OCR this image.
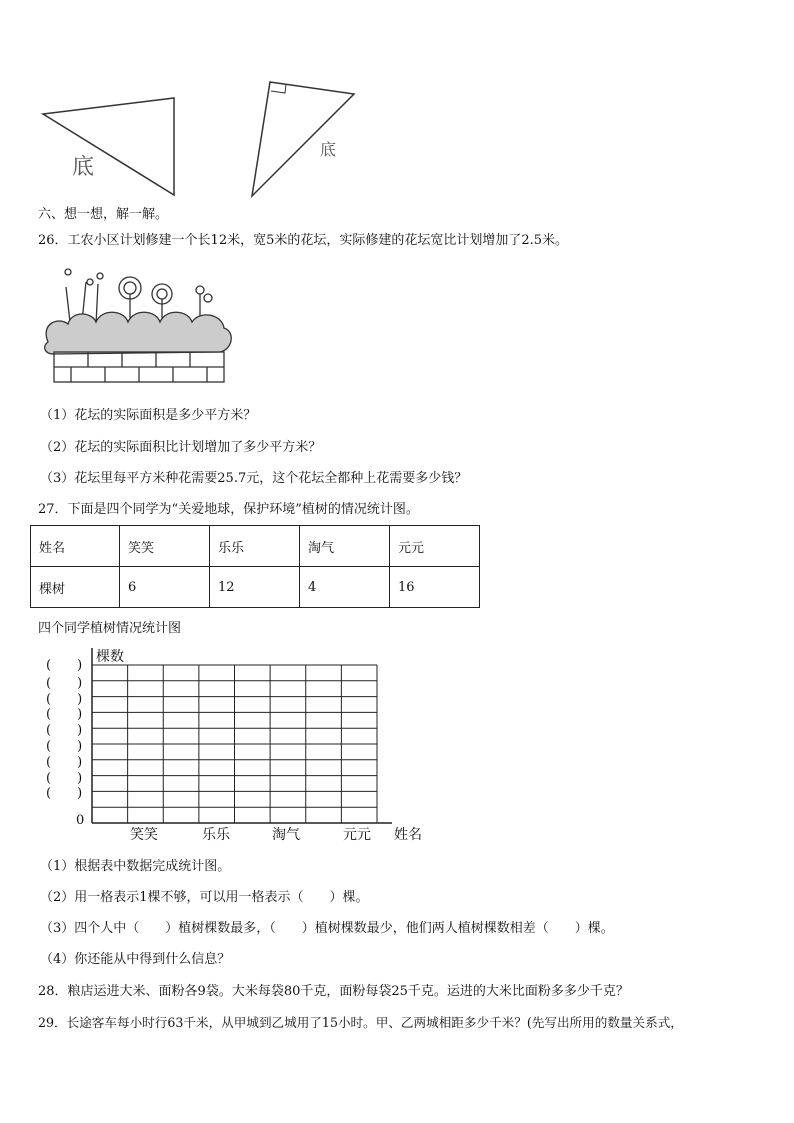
底
底
六、想一想，解一解。
26．工农小区计划修建一个长12米，宽5米的花坛，实际修建的花坛宽比计划增加了2.5米。
（1）花坛的实际面积是多少平方米？
（2）花坛的实际面积比计划增加了多少平方米？
（3）花坛里每平方米种花需要25.7元，这个花坛全都种上花需要多少钱？
27．下面是四个同学为“关爱地球，保护环境”植树的情况统计图。
姓名	笑笑	乐乐	淘气	元元
棵树	6	12	4	16
四个同学植树情况统计图
棵数
(　　)
(　　)
(　　)
(　　)
(　　)
(　　)
(　　)
(　　)
(　　)
0
笑笑	乐乐	淘气	元元 姓名
（1）根据表中数据完成统计图。
（2）用一格表示1棵不够，可以用一格表示（　　）棵。
（3）四个人中（　　）植树棵数最多，（　　）植树棵数最少，他们两人植树棵数相差（　　）棵。
（4）你还能从中得到什么信息？
28．粮店运进大米、面粉各9袋。大米每袋80千克，面粉每袋25千克。运进的大米比面粉多多少千克？
29．长途客车每小时行63千米，从甲城到乙城用了15小时。甲、乙两城相距多少千米？(先写出所用的数量关系式，
